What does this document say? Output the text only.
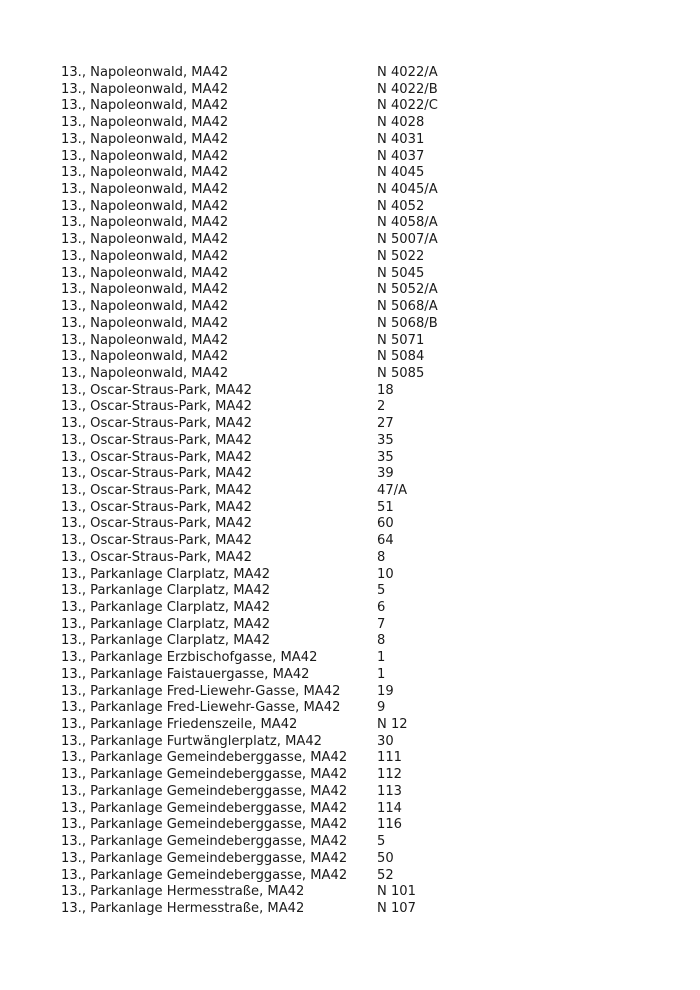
13., Napoleonwald, MA42	N 4022/A
13., Napoleonwald, MA42	N 4022/B
13., Napoleonwald, MA42	N 4022/C
13., Napoleonwald, MA42	N 4028
13., Napoleonwald, MA42	N 4031
13., Napoleonwald, MA42	N 4037
13., Napoleonwald, MA42	N 4045
13., Napoleonwald, MA42	N 4045/A
13., Napoleonwald, MA42	N 4052
13., Napoleonwald, MA42	N 4058/A
13., Napoleonwald, MA42	N 5007/A
13., Napoleonwald, MA42	N 5022
13., Napoleonwald, MA42	N 5045
13., Napoleonwald, MA42	N 5052/A
13., Napoleonwald, MA42	N 5068/A
13., Napoleonwald, MA42	N 5068/B
13., Napoleonwald, MA42	N 5071
13., Napoleonwald, MA42	N 5084
13., Napoleonwald, MA42	N 5085
13., Oscar-Straus-Park, MA42	18
13., Oscar-Straus-Park, MA42	2
13., Oscar-Straus-Park, MA42	27
13., Oscar-Straus-Park, MA42	35
13., Oscar-Straus-Park, MA42	35
13., Oscar-Straus-Park, MA42	39
13., Oscar-Straus-Park, MA42	47/A
13., Oscar-Straus-Park, MA42	51
13., Oscar-Straus-Park, MA42	60
13., Oscar-Straus-Park, MA42	64
13., Oscar-Straus-Park, MA42	8
13., Parkanlage Clarplatz, MA42	10
13., Parkanlage Clarplatz, MA42	5
13., Parkanlage Clarplatz, MA42	6
13., Parkanlage Clarplatz, MA42	7
13., Parkanlage Clarplatz, MA42	8
13., Parkanlage Erzbischofgasse, MA42	1
13., Parkanlage Faistauergasse, MA42	1
13., Parkanlage Fred-Liewehr-Gasse, MA42	19
13., Parkanlage Fred-Liewehr-Gasse, MA42	9
13., Parkanlage Friedenszeile, MA42	N 12
13., Parkanlage Furtwänglerplatz, MA42	30
13., Parkanlage Gemeindeberggasse, MA42	111
13., Parkanlage Gemeindeberggasse, MA42	112
13., Parkanlage Gemeindeberggasse, MA42	113
13., Parkanlage Gemeindeberggasse, MA42	114
13., Parkanlage Gemeindeberggasse, MA42	116
13., Parkanlage Gemeindeberggasse, MA42	5
13., Parkanlage Gemeindeberggasse, MA42	50
13., Parkanlage Gemeindeberggasse, MA42	52
13., Parkanlage Hermesstraße, MA42	N 101
13., Parkanlage Hermesstraße, MA42	N 107
